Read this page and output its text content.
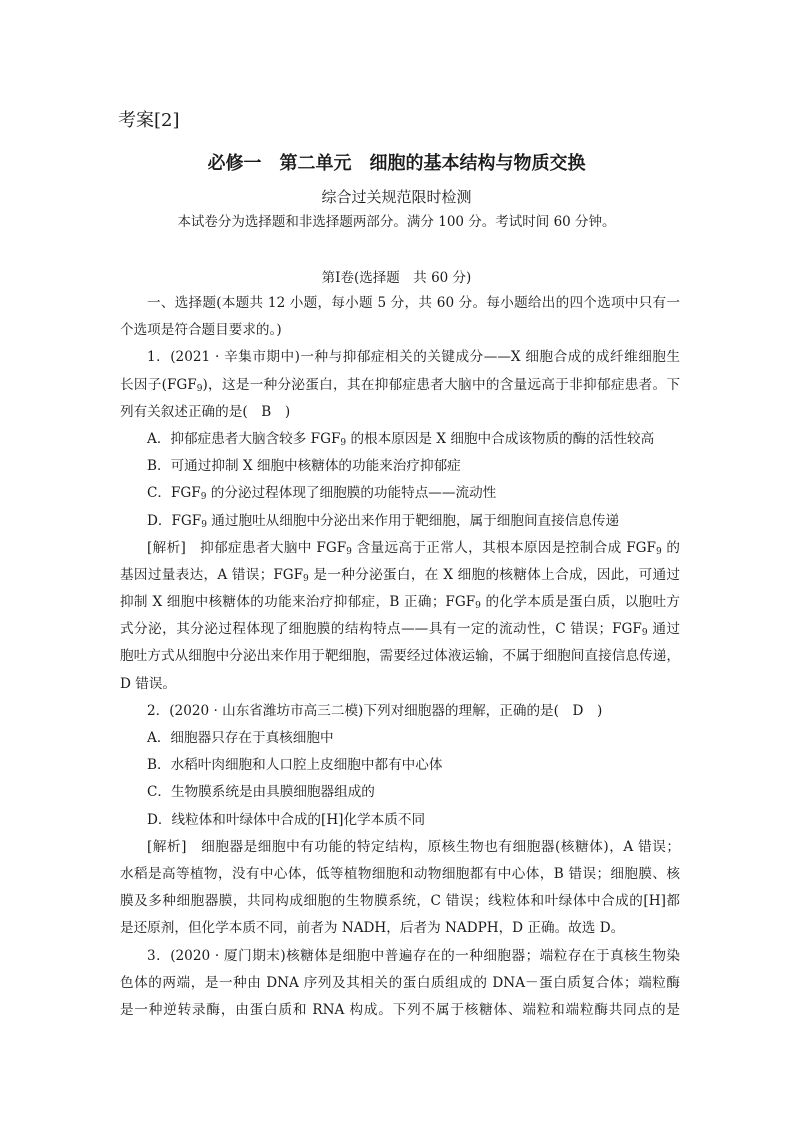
考案[2]
必修一　第二单元　细胞的基本结构与物质交换
综合过关规范限时检测
本试卷分为选择题和非选择题两部分。满分 100 分。考试时间 60 分钟。
第Ⅰ卷(选择题　共 60 分)
一、选择题(本题共 12 小题，每小题 5 分，共 60 分。每小题给出的四个选项中只有一
个选项是符合题目要求的。)
1．(2021 · 辛集市期中)一种与抑郁症相关的关键成分——X 细胞合成的成纤维细胞生
长因子$(FGF_9)$，这是一种分泌蛋白，其在抑郁症患者大脑中的含量远高于非抑郁症患者。下
列有关叙述正确的是(　B　)
A．抑郁症患者大脑含较多 $FGF_9$ 的根本原因是 X 细胞中合成该物质的酶的活性较高
B．可通过抑制 X 细胞中核糖体的功能来治疗抑郁症
C．$FGF_9$ 的分泌过程体现了细胞膜的功能特点——流动性
D．$FGF_9$ 通过胞吐从细胞中分泌出来作用于靶细胞，属于细胞间直接信息传递
[解析]　抑郁症患者大脑中 $FGF_9$ 含量远高于正常人，其根本原因是控制合成 $FGF_9$ 的
基因过量表达，A 错误；$FGF_9$ 是一种分泌蛋白，在 X 细胞的核糖体上合成，因此，可通过
抑制 X 细胞中核糖体的功能来治疗抑郁症，B 正确；$FGF_9$ 的化学本质是蛋白质，以胞吐方
式分泌，其分泌过程体现了细胞膜的结构特点——具有一定的流动性，C 错误；$FGF_9$ 通过
胞吐方式从细胞中分泌出来作用于靶细胞，需要经过体液运输，不属于细胞间直接信息传递，
D 错误。
2．(2020 · 山东省潍坊市高三二模)下列对细胞器的理解，正确的是(　D　)
A．细胞器只存在于真核细胞中
B．水稻叶肉细胞和人口腔上皮细胞中都有中心体
C．生物膜系统是由具膜细胞器组成的
D．线粒体和叶绿体中合成的[H]化学本质不同
[解析]　细胞器是细胞中有功能的特定结构，原核生物也有细胞器(核糖体)，A 错误；
水稻是高等植物，没有中心体，低等植物细胞和动物细胞都有中心体，B 错误；细胞膜、核
膜及多种细胞器膜，共同构成细胞的生物膜系统，C 错误；线粒体和叶绿体中合成的[H]都
是还原剂，但化学本质不同，前者为 NADH，后者为 NADPH，D 正确。故选 D。
3．(2020 · 厦门期末)核糖体是细胞中普遍存在的一种细胞器；端粒存在于真核生物染
色体的两端，是一种由 DNA 序列及其相关的蛋白质组成的 DNA－蛋白质复合体；端粒酶
是一种逆转录酶，由蛋白质和 RNA 构成。下列不属于核糖体、端粒和端粒酶共同点的是
